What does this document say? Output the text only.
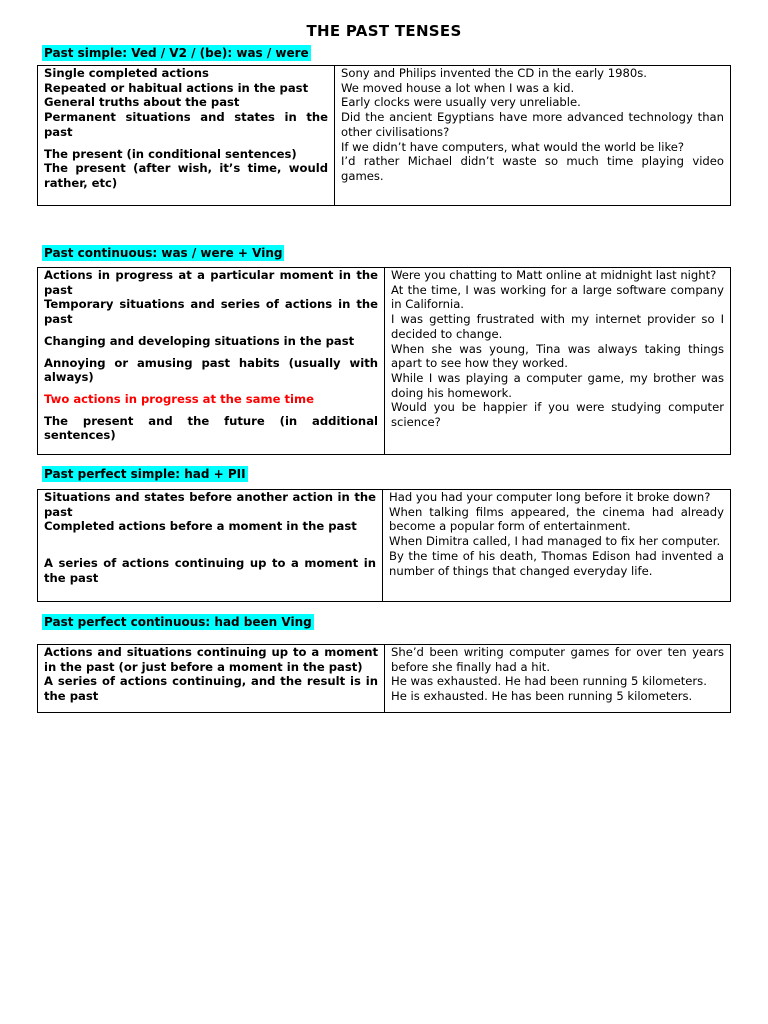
THE PAST TENSES
Past simple: Ved / V2 / (be): was / were

Single completed actions

Repeated or habitual actions in the past

General truths about the past

Permanent situations and states in the past

The present (in conditional sentences)

The present (after wish, it’s time, would rather, etc)

Sony and Philips invented the CD in the early 1980s.

We moved house a lot when I was a kid.

Early clocks were usually very unreliable.

Did the ancient Egyptians have more advanced technology than other civilisations?

If we didn’t have computers, what would the world be like?

I’d rather Michael didn’t waste so much time playing video games.

Past continuous: was / were + Ving

Actions in progress at a particular moment in the past

Temporary situations and series of actions in the past

Changing and developing situations in the past

Annoying or amusing past habits (usually with always)

Two actions in progress at the same time

The present and the future (in additional sentences)

Were you chatting to Matt online at midnight last night?

At the time, I was working for a large software company in California.

I was getting frustrated with my internet provider so I decided to change.

When she was young, Tina was always taking things apart to see how they worked.

While I was playing a computer game, my brother was doing his homework.

Would you be happier if you were studying computer science?

Past perfect simple: had + PII

Situations and states before another action in the past

Completed actions before a moment in the past

A series of actions continuing up to a moment in the past

Had you had your computer long before it broke down?

When talking films appeared, the cinema had already become a popular form of entertainment.

When Dimitra called, I had managed to fix her computer.

By the time of his death, Thomas Edison had invented a number of things that changed everyday life.

Past perfect continuous: had been Ving

Actions and situations continuing up to a moment in the past (or just before a moment in the past)

A series of actions continuing, and the result is in the past

She’d been writing computer games for over ten years before she finally had a hit.

He was exhausted. He had been running 5 kilometers.

He is exhausted. He has been running 5 kilometers.
